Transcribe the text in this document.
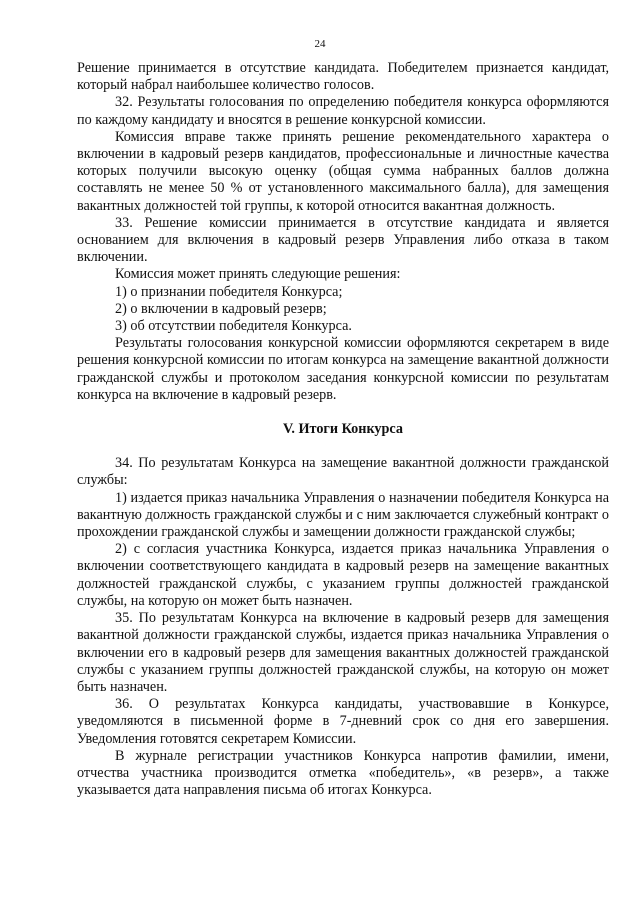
24

Решение принимается в отсутствие кандидата. Победителем признается кандидат, который набрал наибольшее количество голосов.

32. Результаты голосования по определению победителя конкурса оформляются по каждому кандидату и вносятся в решение конкурсной комиссии.

Комиссия вправе также принять решение рекомендательного характера о включении в кадровый резерв кандидатов, профессиональные и личностные качества которых получили высокую оценку (общая сумма набранных баллов должна составлять не менее 50 % от установленного максимального балла), для замещения вакантных должностей той группы, к которой относится вакантная должность.

33. Решение комиссии принимается в отсутствие кандидата и является основанием для включения в кадровый резерв Управления либо отказа в таком включении.

Комиссия может принять следующие решения:

1) о признании победителя Конкурса;

2) о включении в кадровый резерв;

3) об отсутствии победителя Конкурса.

Результаты голосования конкурсной комиссии оформляются секретарем в виде решения конкурсной комиссии по итогам конкурса на замещение вакантной должности гражданской службы и протоколом заседания конкурсной комиссии по результатам конкурса на включение в кадровый резерв.

V. Итоги Конкурса

34. По результатам Конкурса на замещение вакантной должности гражданской службы:

1) издается приказ начальника Управления о назначении победителя Конкурса на вакантную должность гражданской службы и с ним заключается служебный контракт о прохождении гражданской службы и замещении должности гражданской службы;

2) с согласия участника Конкурса, издается приказ начальника Управления о включении соответствующего кандидата в кадровый резерв на замещение вакантных должностей гражданской службы, с указанием группы должностей гражданской службы, на которую он может быть назначен.

35. По результатам Конкурса на включение в кадровый резерв для замещения вакантной должности гражданской службы, издается приказ начальника Управления о включении его в кадровый резерв для замещения вакантных должностей гражданской службы с указанием группы должностей гражданской службы, на которую он может быть назначен.

36. О результатах Конкурса кандидаты, участвовавшие в Конкурсе, уведомляются в письменной форме в 7-дневний срок со дня его завершения. Уведомления готовятся секретарем Комиссии.

В журнале регистрации участников Конкурса напротив фамилии, имени, отчества участника производится отметка «победитель», «в резерв», а также указывается дата направления письма об итогах Конкурса.
